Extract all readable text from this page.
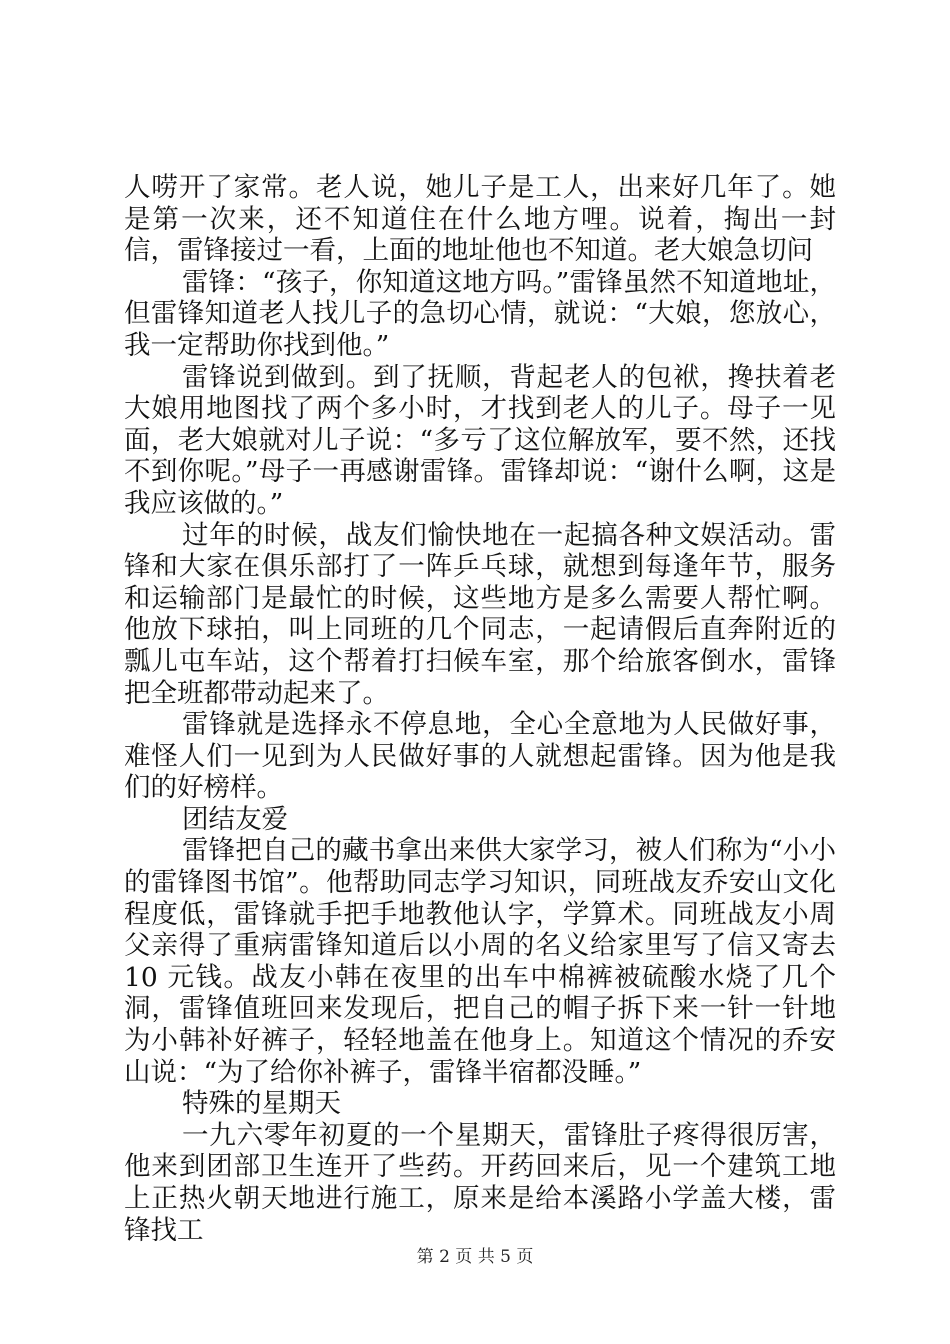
人唠开了家常。老人说，她儿子是工人，出来好几年了。她是第一次来，还不知道住在什么地方哩。说着，掏出一封信，雷锋接过一看，上面的地址他也不知道。老大娘急切问

雷锋：“孩子，你知道这地方吗。”雷锋虽然不知道地址，但雷锋知道老人找儿子的急切心情，就说：“大娘，您放心，我一定帮助你找到他。”

雷锋说到做到。到了抚顺，背起老人的包袱，搀扶着老大娘用地图找了两个多小时，才找到老人的儿子。母子一见面，老大娘就对儿子说：“多亏了这位解放军，要不然，还找不到你呢。”母子一再感谢雷锋。雷锋却说：“谢什么啊，这是我应该做的。”

过年的时候，战友们愉快地在一起搞各种文娱活动。雷锋和大家在俱乐部打了一阵乒乓球，就想到每逢年节，服务和运输部门是最忙的时候，这些地方是多么需要人帮忙啊。他放下球拍，叫上同班的几个同志，一起请假后直奔附近的瓢儿屯车站，这个帮着打扫候车室，那个给旅客倒水，雷锋把全班都带动起来了。

雷锋就是选择永不停息地，全心全意地为人民做好事，难怪人们一见到为人民做好事的人就想起雷锋。因为他是我们的好榜样。

团结友爱

雷锋把自己的藏书拿出来供大家学习，被人们称为“小小的雷锋图书馆”。他帮助同志学习知识，同班战友乔安山文化程度低，雷锋就手把手地教他认字，学算术。同班战友小周父亲得了重病雷锋知道后以小周的名义给家里写了信又寄去 10 元钱。战友小韩在夜里的出车中棉裤被硫酸水烧了几个洞，雷锋值班回来发现后，把自己的帽子拆下来一针一针地为小韩补好裤子，轻轻地盖在他身上。知道这个情况的乔安山说：“为了给你补裤子，雷锋半宿都没睡。”

特殊的星期天

一九六零年初夏的一个星期天，雷锋肚子疼得很厉害，他来到团部卫生连开了些药。开药回来后，见一个建筑工地上正热火朝天地进行施工，原来是给本溪路小学盖大楼，雷锋找工

第 2 页 共 5 页
